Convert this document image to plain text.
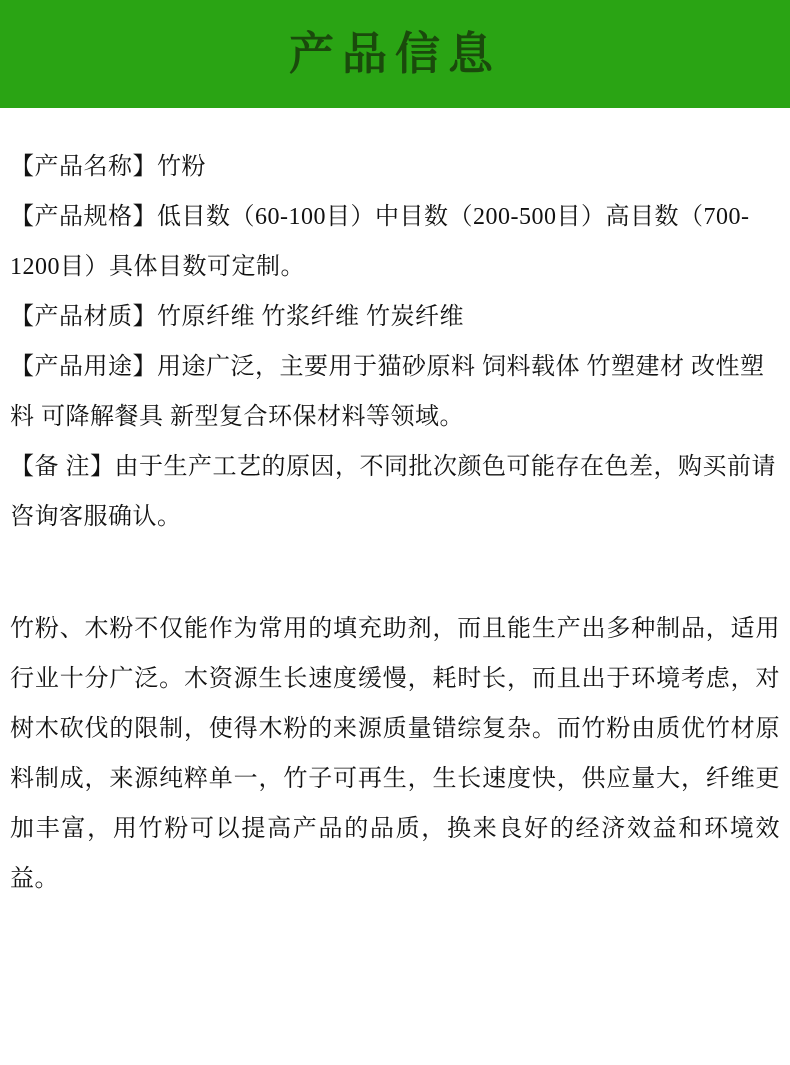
产品信息

【产品名称】竹粉

【产品规格】低目数（60-100目）中目数（200-500目）高目数（700-1200目）具体目数可定制。

【产品材质】竹原纤维 竹浆纤维 竹炭纤维

【产品用途】用途广泛，主要用于猫砂原料 饲料载体 竹塑建材 改性塑料 可降解餐具 新型复合环保材料等领域。

【备 注】由于生产工艺的原因，不同批次颜色可能存在色差，购买前请咨询客服确认。

竹粉、木粉不仅能作为常用的填充助剂，而且能生产出多种制品，适用行业十分广泛。木资源生长速度缓慢，耗时长，而且出于环境考虑，对树木砍伐的限制，使得木粉的来源质量错综复杂。而竹粉由质优竹材原料制成，来源纯粹单一，竹子可再生，生长速度快，供应量大，纤维更加丰富，用竹粉可以提高产品的品质，换来良好的经济效益和环境效益。
